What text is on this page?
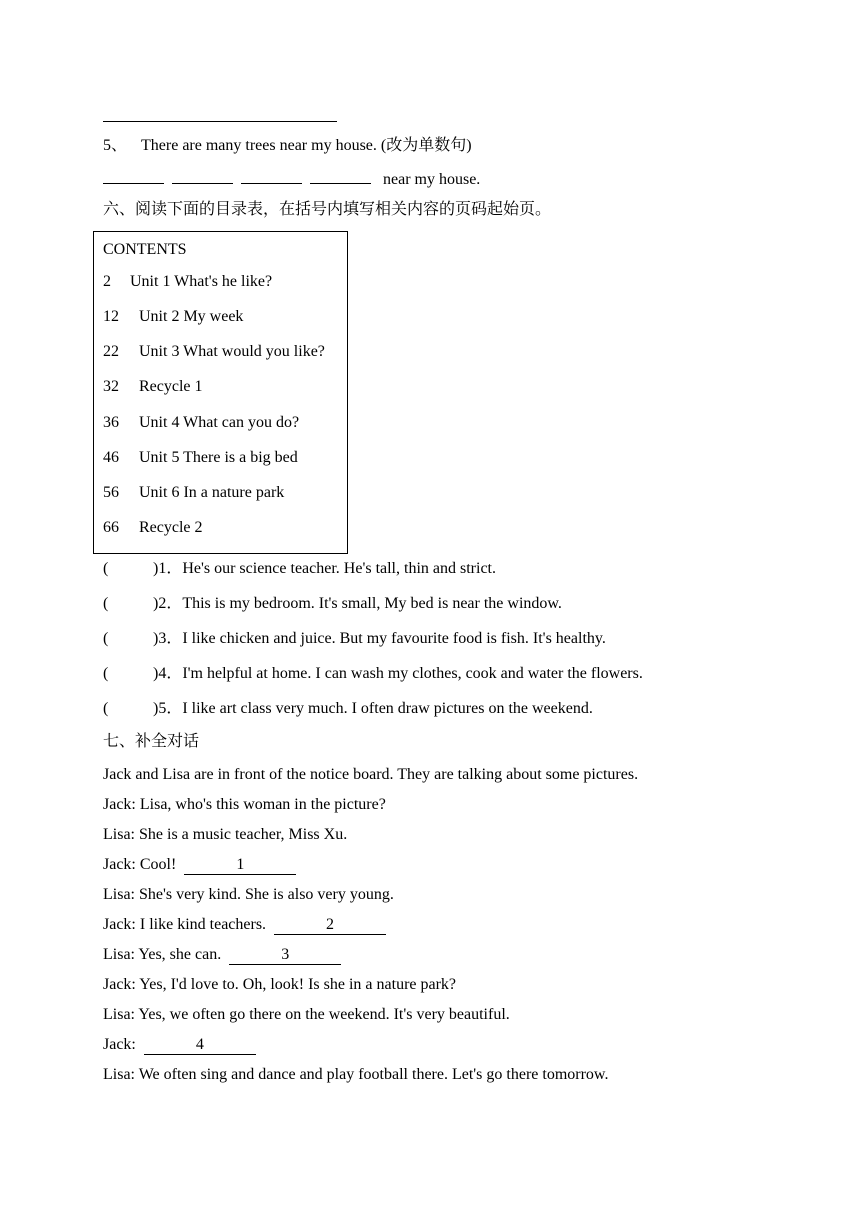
5、 There are many trees near my house. (改为单数句)
near my house.
六、阅读下面的目录表，在括号内填写相关内容的页码起始页。
CONTENTS
2 Unit 1 What's he like?
12 Unit 2 My week
22 Unit 3 What would you like?
32 Recycle 1
36 Unit 4 What can you do?
46 Unit 5 There is a big bed
56 Unit 6 In a nature park
66 Recycle 2
(	)1．He's our science teacher. He's tall, thin and strict.
(	)2．This is my bedroom. It's small, My bed is near the window.
(	)3．I like chicken and juice. But my favourite food is fish. It's healthy.
(	)4．I'm helpful at home. I can wash my clothes, cook and water the flowers.
(	)5．I like art class very much. I often draw pictures on the weekend.
七、补全对话
Jack and Lisa are in front of the notice board. They are talking about some pictures.
Jack: Lisa, who's this woman in the picture?
Lisa: She is a music teacher, Miss Xu.
Jack: Cool!	1
Lisa: She's very kind. She is also very young.
Jack: I like kind teachers.	2
Lisa: Yes, she can.	3
Jack: Yes, I'd love to. Oh, look! Is she in a nature park?
Lisa: Yes, we often go there on the weekend. It's very beautiful.
Jack:	4
Lisa: We often sing and dance and play football there. Let's go there tomorrow.
